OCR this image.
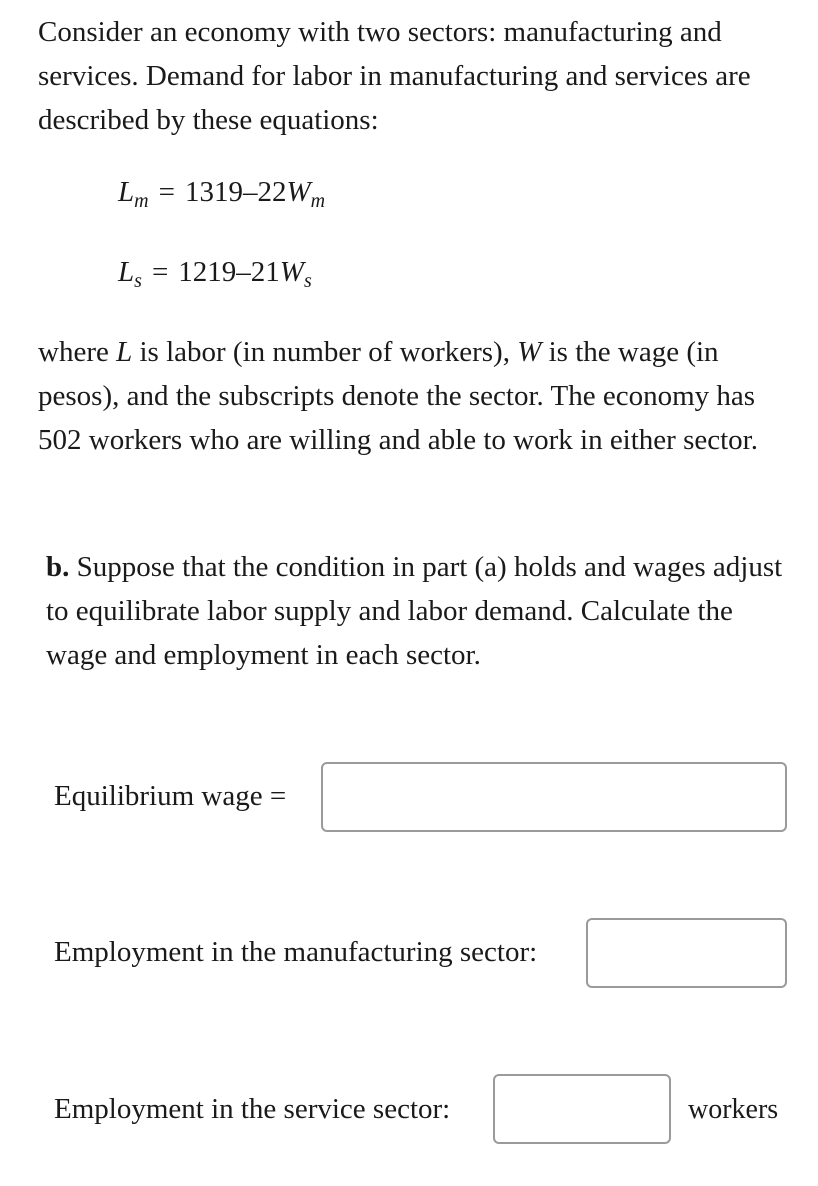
Consider an economy with two sectors: manufacturing and services. Demand for labor in manufacturing and services are described by these equations:

$L_m = 1319-22W_m$
$L_s = 1219-21W_s$

where L is labor (in number of workers), W is the wage (in pesos), and the subscripts denote the sector. The economy has 502 workers who are willing and able to work in either sector.

b. Suppose that the condition in part (a) holds and wages adjust to equilibrate labor supply and labor demand. Calculate the wage and employment in each sector.

Equilibrium wage =
Employment in the manufacturing sector:
Employment in the service sector:	workers
